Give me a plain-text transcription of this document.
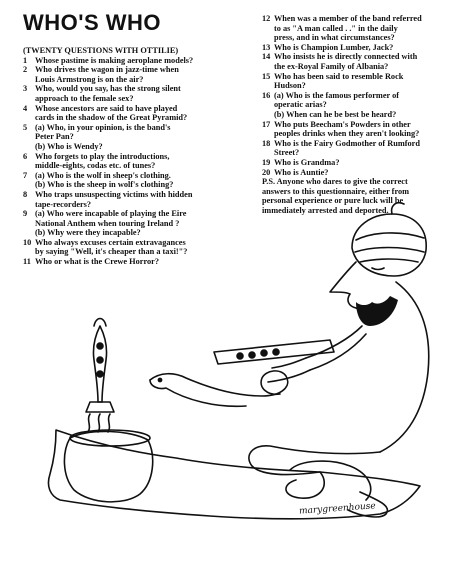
WHO'S WHO
(TWENTY QUESTIONS WITH OTTILIE)
1 Whose pastime is making aeroplane models?
2 Who drives the wagon in jazz-time when
Louis Armstrong is on the air?
3 Who, would you say, has the strong silent
approach to the female sex?
4 Whose ancestors are said to have played
cards in the shadow of the Great Pyramid?
5 (a) Who, in your opinion, is the band's
Peter Pan?
(b) Who is Wendy?
6 Who forgets to play the introductions,
middle-eights, codas etc. of tunes?
7 (a) Who is the wolf in sheep's clothing.
(b) Who is the sheep in wolf's clothing?
8 Who traps unsuspecting victims with hidden
tape-recorders?
9 (a) Who were incapable of playing the Eire
National Anthem when touring Ireland ?
(b) Why were they incapable?
10 Who always excuses certain extravagances
by saying "Well, it's cheaper than a taxi!"?
11 Who or what is the Crewe Horror?
12 When was a member of the band referred
to as "A man called . ." in the daily
press, and in what circumstances?
13 Who is Champion Lumber, Jack?
14 Who insists he is directly connected with
the ex-Royal Family of Albania?
15 Who has been said to resemble Rock
Hudson?
16 (a) Who is the famous performer of
operatic arias?
(b) When can he be best be heard?
17 Who puts Beecham's Powders in other
peoples drinks when they aren't looking?
18 Who is the Fairy Godmother of Rumford
Street?
19 Who is Grandma?
20 Who is Auntie?
P.S. Anyone who dares to give the correct
answers to this questionnaire, either from
personal experience or pure luck will be
immediately arrested and deported.
marygreenhouse
